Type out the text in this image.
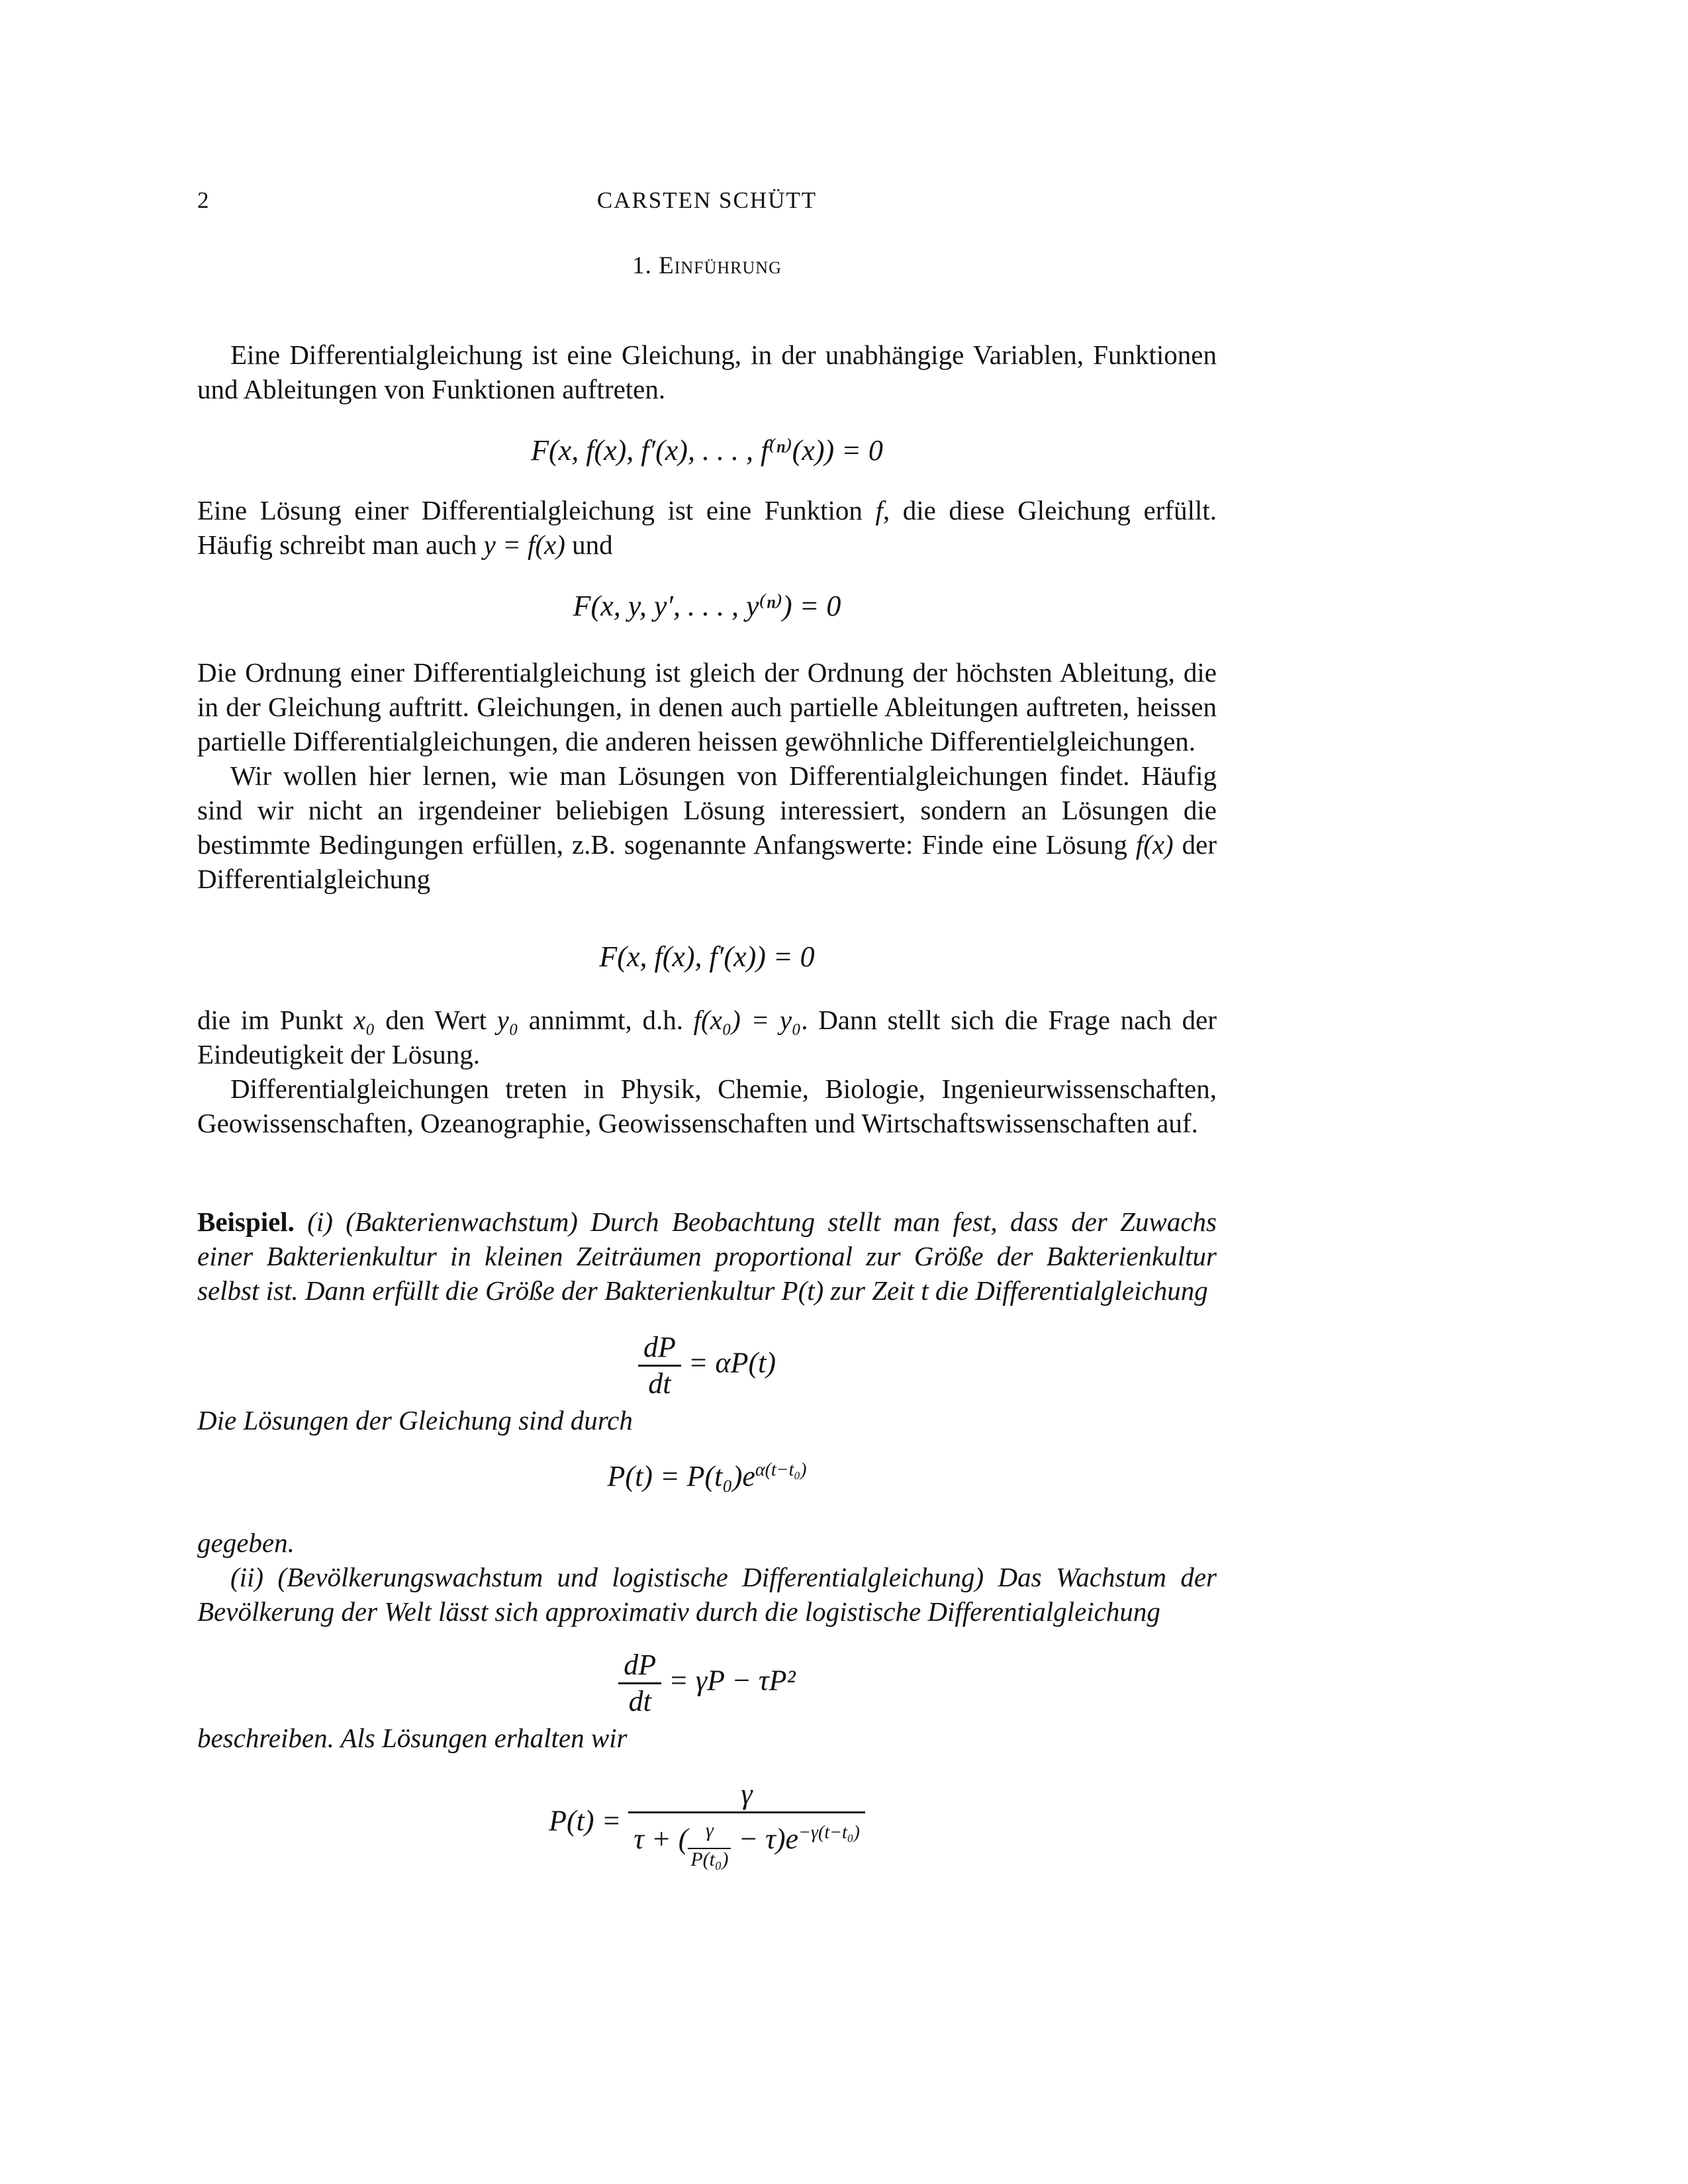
2	CARSTEN SCHÜTT
1. Einführung

Eine Differentialgleichung ist eine Gleichung, in der unabhängige Variablen, Funktionen und Ableitungen von Funktionen auftreten.

F(x, f(x), f′(x), . . . , f⁽ⁿ⁾(x)) = 0

Eine Lösung einer Differentialgleichung ist eine Funktion f, die diese Gleichung erfüllt. Häufig schreibt man auch y = f(x) und

F(x, y, y′, . . . , y⁽ⁿ⁾) = 0

Die Ordnung einer Differentialgleichung ist gleich der Ordnung der höchsten Ableitung, die in der Gleichung auftritt. Gleichungen, in denen auch partielle Ableitungen auftreten, heissen partielle Differentialgleichungen, die anderen heissen gewöhnliche Differentielgleichungen.

Wir wollen hier lernen, wie man Lösungen von Differentialgleichungen findet. Häufig sind wir nicht an irgendeiner beliebigen Lösung interessiert, sondern an Lösungen die bestimmte Bedingungen erfüllen, z.B. sogenannte Anfangswerte: Finde eine Lösung f(x) der Differentialgleichung

F(x, f(x), f′(x)) = 0

die im Punkt x₀ den Wert y₀ annimmt, d.h. f(x₀) = y₀. Dann stellt sich die Frage nach der Eindeutigkeit der Lösung.

Differentialgleichungen treten in Physik, Chemie, Biologie, Ingenieurwissenschaften, Geowissenschaften, Ozeanographie, Geowissenschaften und Wirtschaftswissenschaften auf.

Beispiel. (i) (Bakterienwachstum) Durch Beobachtung stellt man fest, dass der Zuwachs einer Bakterienkultur in kleinen Zeiträumen proportional zur Größe der Bakterienkultur selbst ist. Dann erfüllt die Größe der Bakterienkultur P(t) zur Zeit t die Differentialgleichung

$\frac{dP}{dt} = \alpha P(t)$

Die Lösungen der Gleichung sind durch

$P(t) = P(t_0)e^{\alpha(t-t_0)}$

gegeben.

(ii) (Bevölkerungswachstum und logistische Differentialgleichung) Das Wachstum der Bevölkerung der Welt lässt sich approximativ durch die logistische Differentialgleichung

$\frac{dP}{dt} = \gamma P - \tau P^2$

beschreiben. Als Lösungen erhalten wir

$P(t) = \frac{\gamma}{\tau + ( \frac{\gamma}{\text{P(t₀)}} - \tau)e^{-\gamma(t-t_0)}}$
